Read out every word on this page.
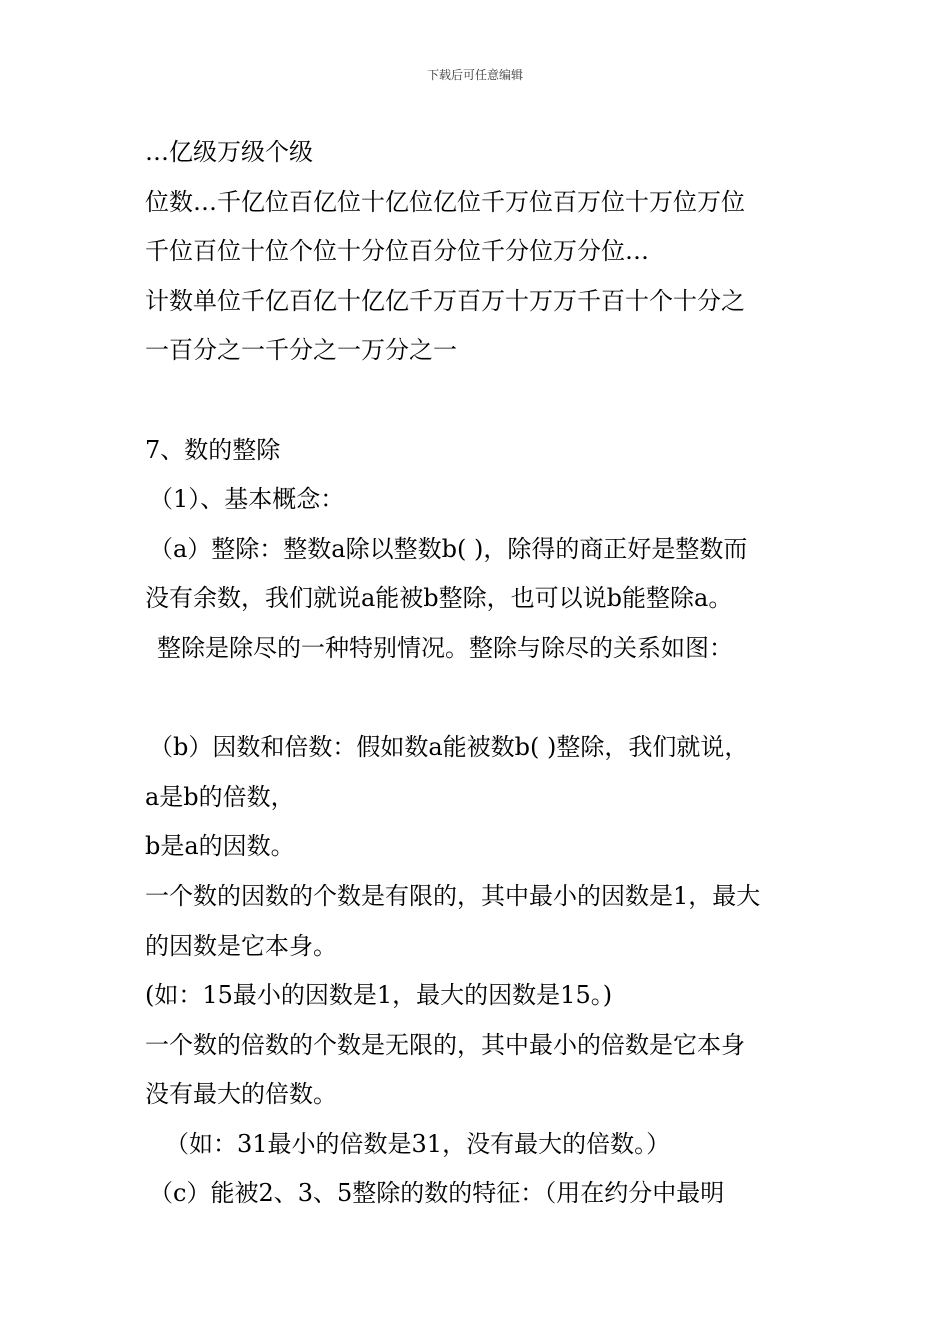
下载后可任意编辑
…亿级万级个级
位数…千亿位百亿位十亿位亿位千万位百万位十万位万位
千位百位十位个位十分位百分位千分位万分位…
计数单位千亿百亿十亿亿千万百万十万万千百十个十分之
一百分之一千分之一万分之一
7、数的整除
（1）、基本概念：
（a）整除：整数a除以整数b( )，除得的商正好是整数而
没有余数，我们就说a能被b整除，也可以说b能整除a。
整除是除尽的一种特别情况。整除与除尽的关系如图：
（b）因数和倍数：假如数a能被数b( )整除，我们就说，
a是b的倍数，
b是a的因数。
一个数的因数的个数是有限的，其中最小的因数是1，最大
的因数是它本身。
(如：15最小的因数是1，最大的因数是15。)
一个数的倍数的个数是无限的，其中最小的倍数是它本身
没有最大的倍数。
（如：31最小的倍数是31，没有最大的倍数。）
（c）能被2、3、5整除的数的特征：（用在约分中最明
